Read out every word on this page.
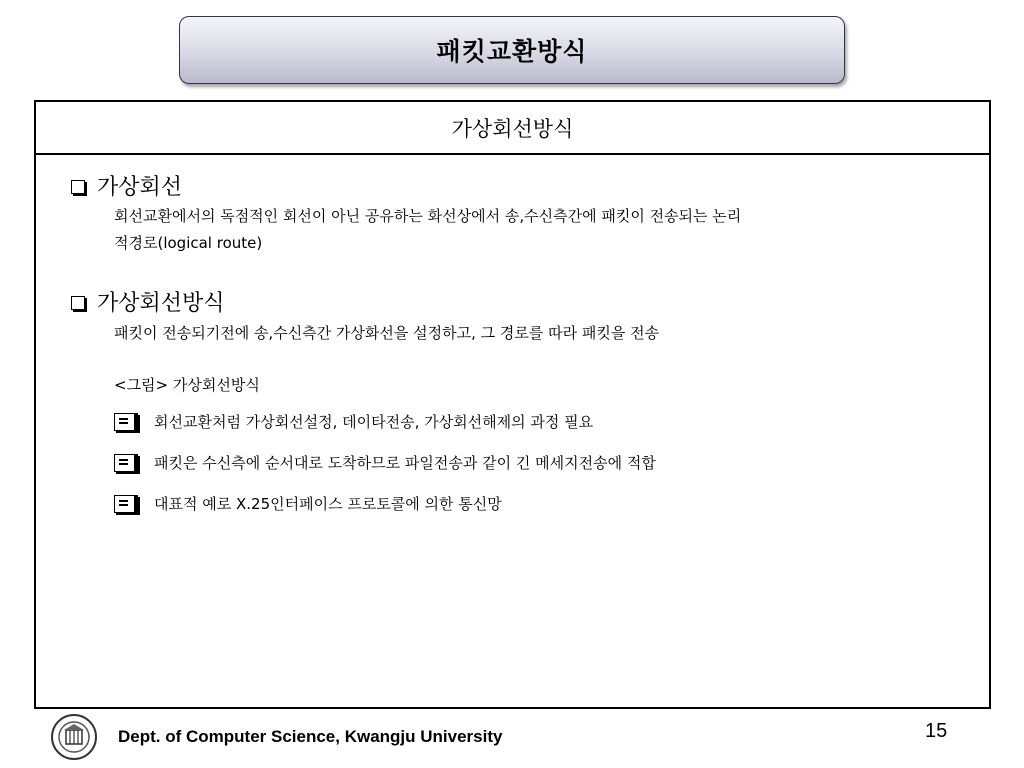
패킷교환방식
가상회선방식
가상회선
회선교환에서의 독점적인 회선이 아닌 공유하는 화선상에서 송,수신측간에 패킷이 전송되는 논리
적경로(logical route)
가상회선방식
패킷이 전송되기전에 송,수신측간 가상화선을 설정하고, 그 경로를 따라 패킷을 전송
<그림> 가상회선방식
회선교환처럼 가상회선설정, 데이타전송, 가상회선해제의 과정 필요
패킷은 수신측에 순서대로 도착하므로 파일전송과 같이 긴 메세지전송에 적합
대표적 예로 X.25인터페이스 프로토콜에 의한 통신망
Dept. of Computer Science, Kwangju University	15
